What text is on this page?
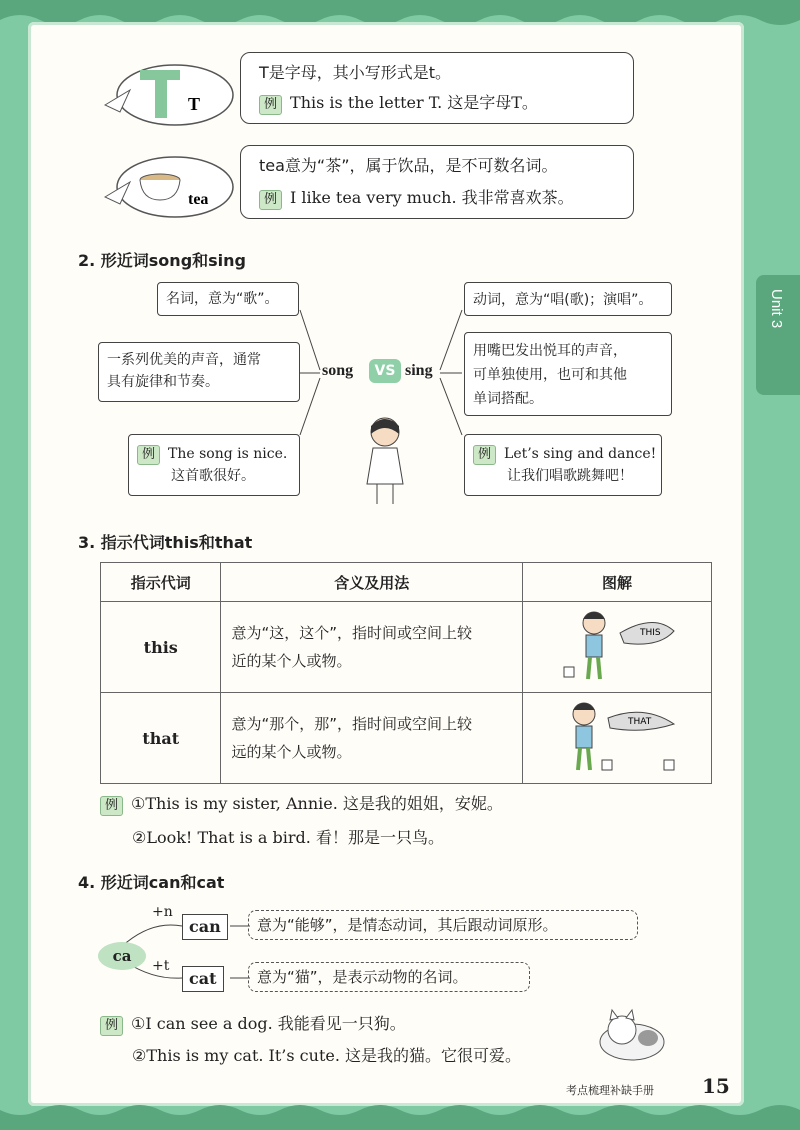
Unit 3
T
T是字母，其小写形式是t。
例 This is the letter T. 这是字母T。
tea
tea意为“茶”，属于饮品，是不可数名词。
例 I like tea very much. 我非常喜欢茶。
2. 形近词song和sing
名词，意为“歌”。
一系列优美的声音，通常
具有旋律和节奏。
例 The song is nice.
这首歌很好。
song	VS sing
动词，意为“唱(歌)；演唱”。
用嘴巴发出悦耳的声音，
可单独使用，也可和其他
单词搭配。
例 Let’s sing and dance!
让我们唱歌跳舞吧！
3. 指示代词this和that
指示代词	含义及用法	图解
this	意为“这，这个”，指时间或空间上较
近的某个人或物。	THIS

that	意为“那个，那”，指时间或空间上较
远的某个人或物。	THAT
例 ①This is my sister, Annie. 这是我的姐姐，安妮。
②Look! That is a bird. 看！那是一只鸟。
4. 形近词can和cat
ca
+n
+t
can
cat
意为“能够”，是情态动词，其后跟动词原形。
意为“猫”，是表示动物的名词。
例 ①I can see a dog. 我能看见一只狗。
②This is my cat. It’s cute. 这是我的猫。它很可爱。
考点梳理补缺手册 15
